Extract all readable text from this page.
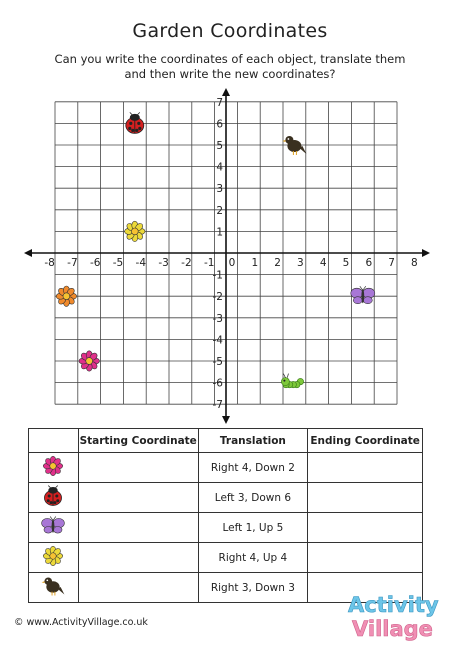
Garden Coordinates
Can you write the coordinates of each object, translate them
and then write the new coordinates?
-8 -7 -6 -5 -4 -3 -2 -1 0 1 2 3 4 5 6 7 8
7
6
5
4
3
2
1
-1
-2
-3
-4
-5
-6
-7
	Starting Coordinate	Translation	Ending Coordinate
		Right 4, Down 2	
		Left 3, Down 6	
		Left 1, Up 5	
		Right 4, Up 4	
		Right 3, Down 3	
© www.ActivityVillage.co.uk
Activity
Village
